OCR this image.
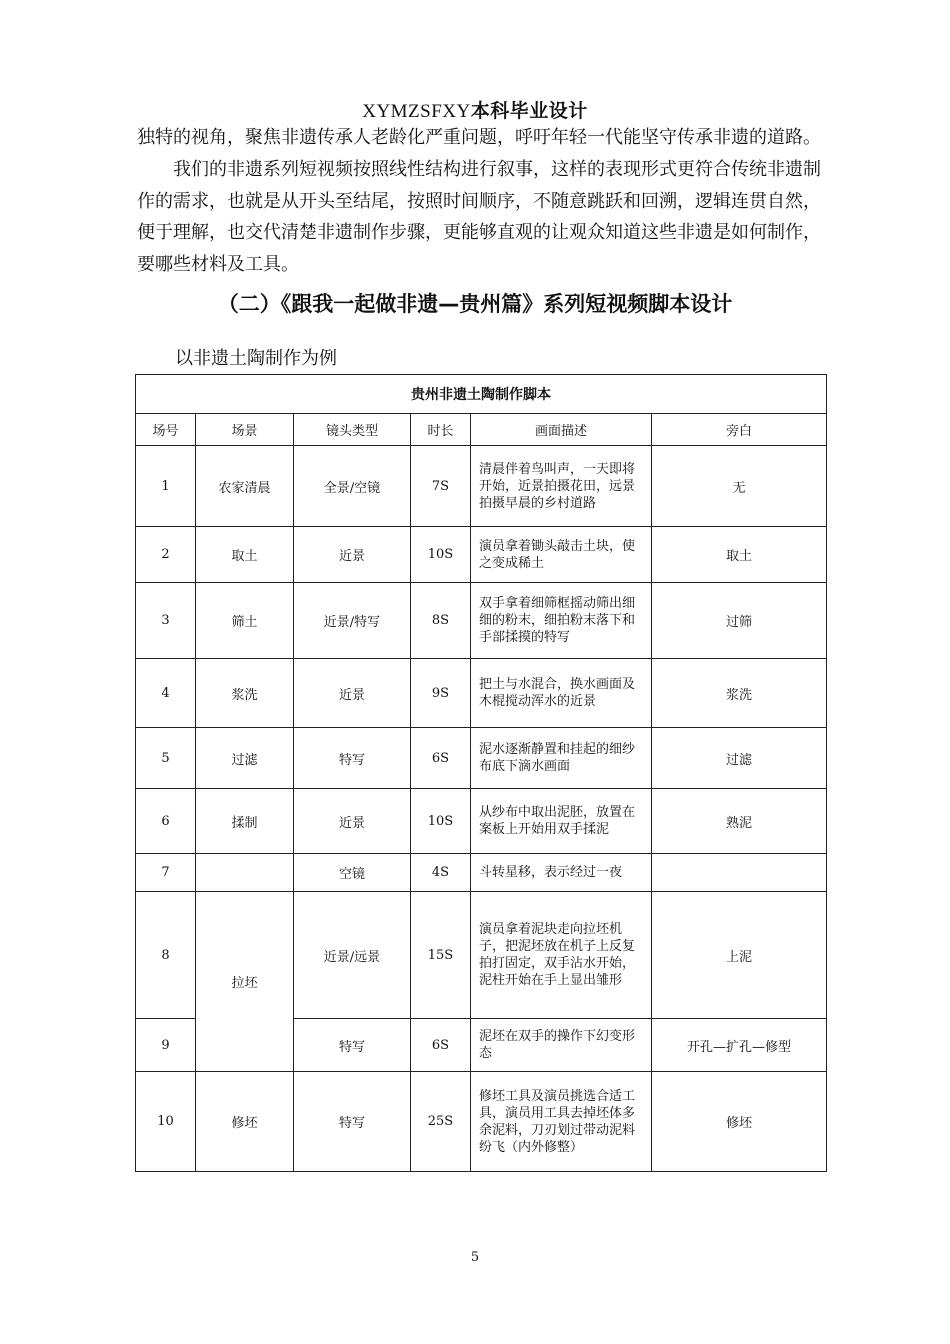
XYMZSFXY本科毕业设计

独特的视角，聚焦非遗传承人老龄化严重问题，呼吁年轻一代能坚守传承非遗的道路。

我们的非遗系列短视频按照线性结构进行叙事，这样的表现形式更符合传统非遗制作的需求，也就是从开头至结尾，按照时间顺序，不随意跳跃和回溯，逻辑连贯自然，便于理解，也交代清楚非遗制作步骤，更能够直观的让观众知道这些非遗是如何制作，要哪些材料及工具。

（二）《跟我一起做非遗—贵州篇》系列短视频脚本设计
以非遗土陶制作为例
贵州非遗土陶制作脚本					
场号	场景	镜头类型	时长	画面描述	旁白
1	农家清晨	全景/空镜	7S	清晨伴着鸟叫声，一天即将开始，近景拍摄花田，远景拍摄早晨的乡村道路	无
2	取土	近景	10S	演员拿着锄头敲击土块，使之变成稀土	取土
3	筛土	近景/特写	8S	双手拿着细筛框摇动筛出细细的粉末，细拍粉末落下和手部揉摸的特写	过筛
4	浆洗	近景	9S	把土与水混合，换水画面及木棍搅动浑水的近景	浆洗
5	过滤	特写	6S	泥水逐渐静置和挂起的细纱布底下滴水画面	过滤
6	揉制	近景	10S	从纱布中取出泥胚，放置在案板上开始用双手揉泥	熟泥
7		空镜	4S	斗转星移，表示经过一夜	
8	拉坯	近景/远景	15S	演员拿着泥块走向拉坯机子，把泥坯放在机子上反复拍打固定，双手沾水开始，泥柱开始在手上显出雏形	上泥
9		特写	6S	泥坯在双手的操作下幻变形态	开孔—扩孔—修型
10	修坯	特写	25S	修坯工具及演员挑选合适工具，演员用工具去掉坯体多余泥料，刀刃划过带动泥料纷飞（内外修整）	修坯
5
